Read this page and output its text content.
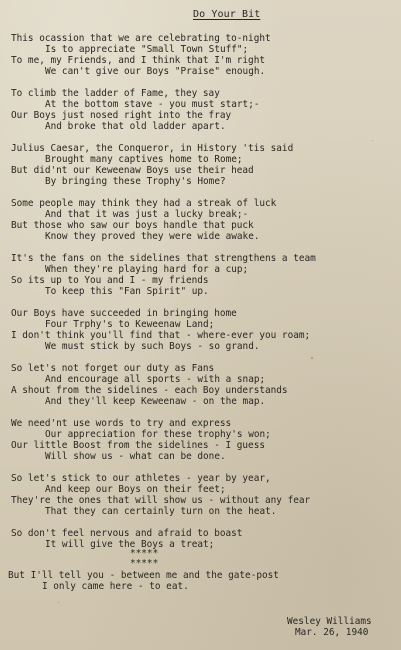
Do Your Bit
This ocassion that we are celebrating to-night
Is to appreciate "Small Town Stuff";
To me, my Friends, and I think that I'm right
We can't give our Boys "Praise" enough.
To climb the ladder of Fame, they say
At the bottom stave - you must start;-
Our Boys just nosed right into the fray
And broke that old ladder apart.
Julius Caesar, the Conqueror, in History 'tis said
Brought many captives home to Rome;
But did'nt our Keweenaw Boys use their head
By bringing these Trophy's Home?
Some people may think they had a streak of luck
And that it was just a lucky break;-
But those who saw our boys handle that puck
Know they proved they were wide awake.
It's the fans on the sidelines that strengthens a team
When they're playing hard for a cup;
So its up to You and I - my friends
To keep this "Fan Spirit" up.
Our Boys have succeeded in bringing home
Four Trphy's to Keweenaw Land;
I don't think you'll find that - where-ever you roam;
We must stick by such Boys - so grand.
So let's not forget our duty as Fans
And encourage all sports - with a snap;
A shout from the sidelines - each Boy understands
And they'll keep Keweenaw - on the map.
We need'nt use words to try and express
Our appreciation for these trophy's won;
Our little Boost from the sidelines - I guess
Will show us - what can be done.
So let's stick to our athletes - year by year,
And keep our Boys on their feet;
They're the ones that will show us - without any fear
That they can certainly turn on the heat.
So don't feel nervous and afraid to boast
It will give the Boys a treat;
*****
*****
But I'll tell you - between me and the gate-post
I only came here - to eat.
Wesley Williams
Mar. 26, 1940
